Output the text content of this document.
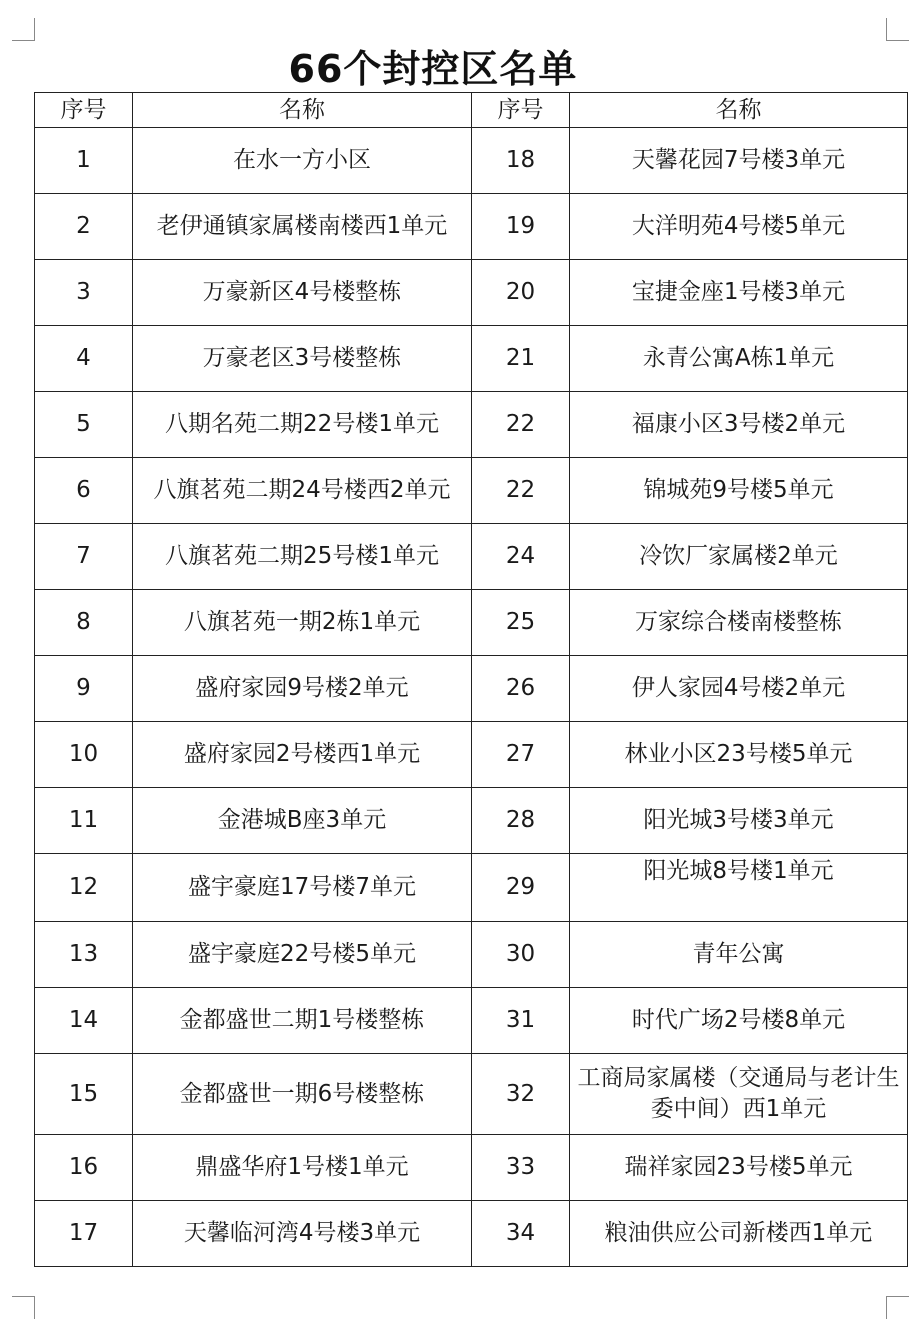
66个封控区名单
序号	名称	序号	名称
1	在水一方小区	18	天馨花园7号楼3单元
2	老伊通镇家属楼南楼西1单元	19	大洋明苑4号楼5单元
3	万豪新区4号楼整栋	20	宝捷金座1号楼3单元
4	万豪老区3号楼整栋	21	永青公寓A栋1单元
5	八期名苑二期22号楼1单元	22	福康小区3号楼2单元
6	八旗茗苑二期24号楼西2单元	22	锦城苑9号楼5单元
7	八旗茗苑二期25号楼1单元	24	冷饮厂家属楼2单元
8	八旗茗苑一期2栋1单元	25	万家综合楼南楼整栋
9	盛府家园9号楼2单元	26	伊人家园4号楼2单元
10	盛府家园2号楼西1单元	27	林业小区23号楼5单元
11	金港城B座3单元	28	阳光城3号楼3单元
12	盛宇豪庭17号楼7单元	29	阳光城8号楼1单元
13	盛宇豪庭22号楼5单元	30	青年公寓
14	金都盛世二期1号楼整栋	31	时代广场2号楼8单元
15	金都盛世一期6号楼整栋	32	工商局家属楼（交通局与老计生委中间）西1单元
16	鼎盛华府1号楼1单元	33	瑞祥家园23号楼5单元
17	天馨临河湾4号楼3单元	34	粮油供应公司新楼西1单元
